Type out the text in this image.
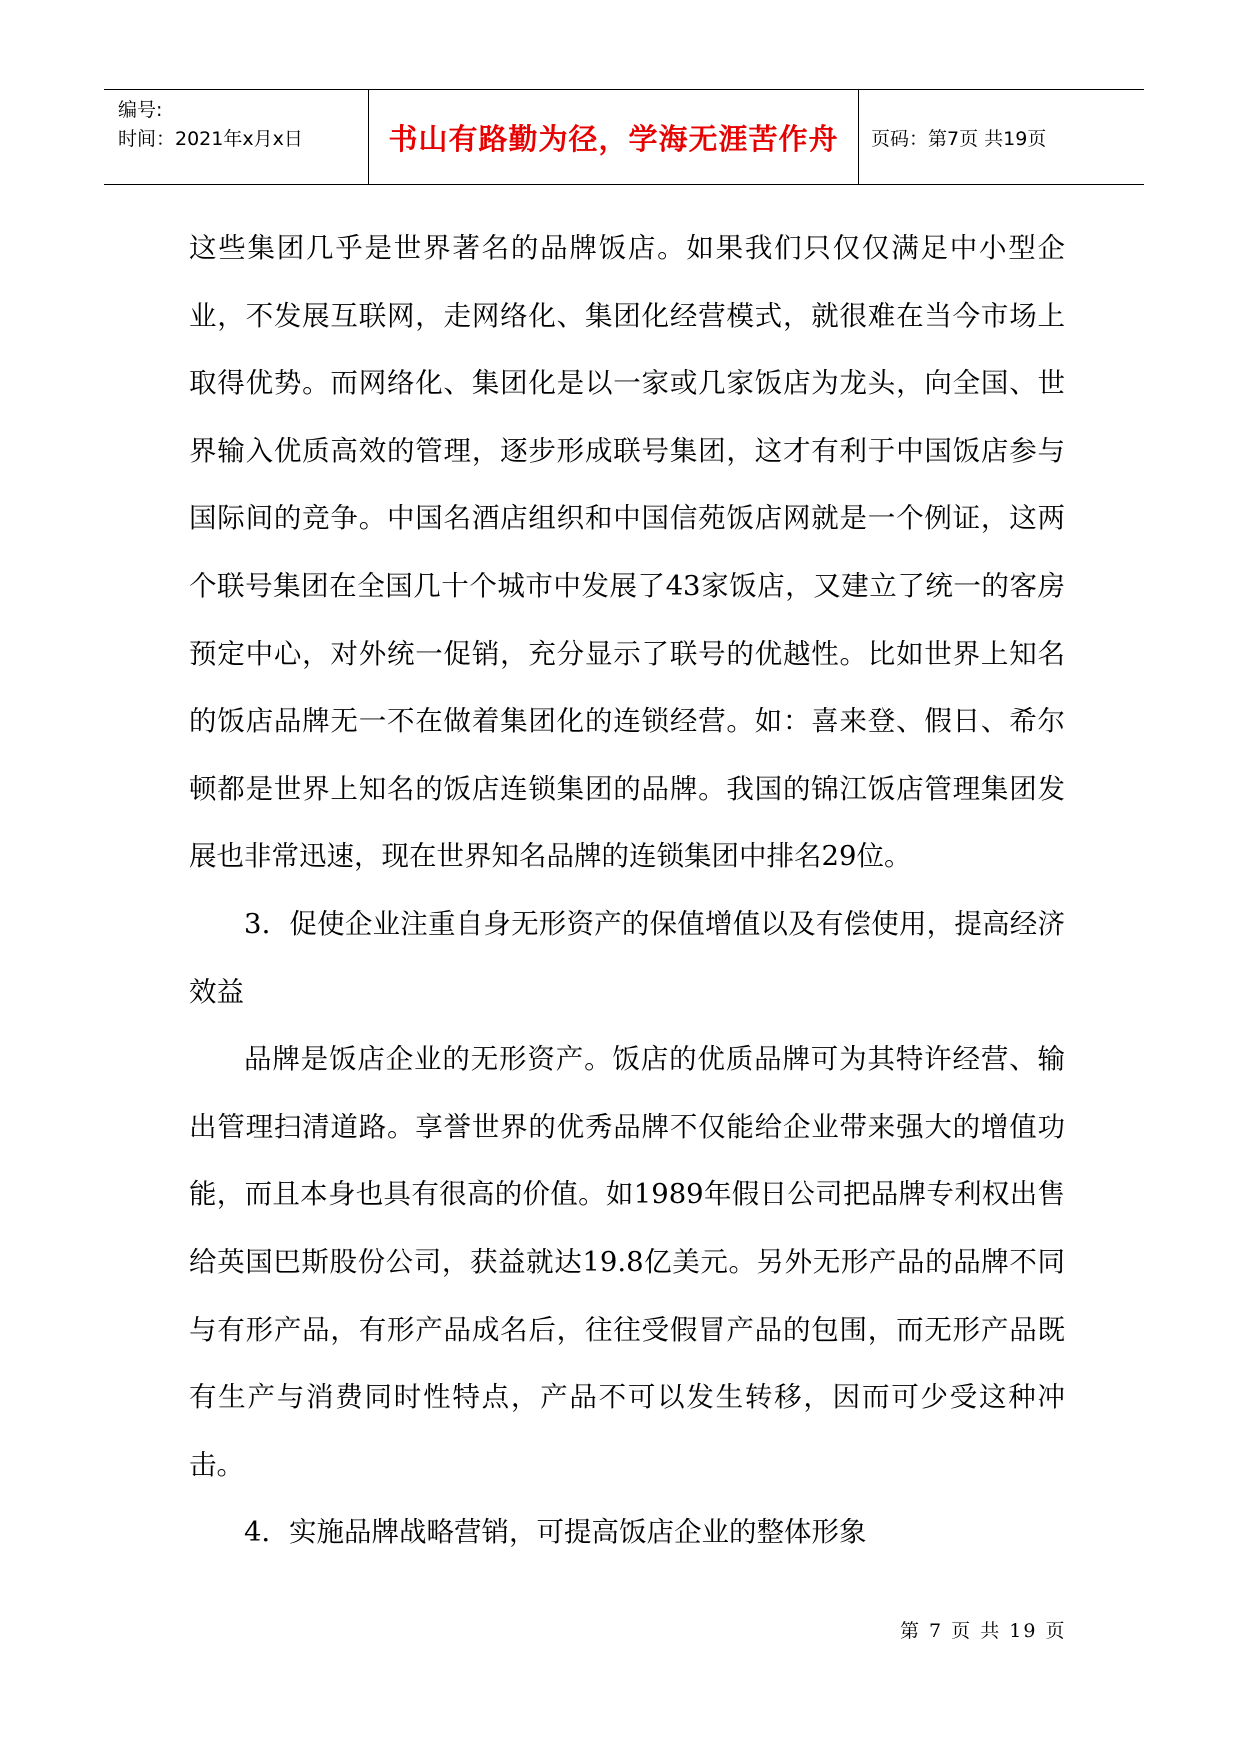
编号:
时间：2021年x月x日	书山有路勤为径，学海无涯苦作舟	页码：第7页 共19页

这些集团几乎是世界著名的品牌饭店。如果我们只仅仅满足中小型企业，不发展互联网，走网络化、集团化经营模式，就很难在当今市场上取得优势。而网络化、集团化是以一家或几家饭店为龙头，向全国、世界输入优质高效的管理，逐步形成联号集团，这才有利于中国饭店参与国际间的竞争。中国名酒店组织和中国信苑饭店网就是一个例证，这两个联号集团在全国几十个城市中发展了43家饭店，又建立了统一的客房预定中心，对外统一促销，充分显示了联号的优越性。比如世界上知名的饭店品牌无一不在做着集团化的连锁经营。如：喜来登、假日、希尔顿都是世界上知名的饭店连锁集团的品牌。我国的锦江饭店管理集团发展也非常迅速，现在世界知名品牌的连锁集团中排名29位。

3．促使企业注重自身无形资产的保值增值以及有偿使用，提高经济效益

品牌是饭店企业的无形资产。饭店的优质品牌可为其特许经营、输出管理扫清道路。享誉世界的优秀品牌不仅能给企业带来强大的增值功能，而且本身也具有很高的价值。如1989年假日公司把品牌专利权出售给英国巴斯股份公司，获益就达19.8亿美元。另外无形产品的品牌不同与有形产品，有形产品成名后，往往受假冒产品的包围，而无形产品既有生产与消费同时性特点，产品不可以发生转移，因而可少受这种冲击。

4．实施品牌战略营销，可提高饭店企业的整体形象

第 7 页 共 19 页
